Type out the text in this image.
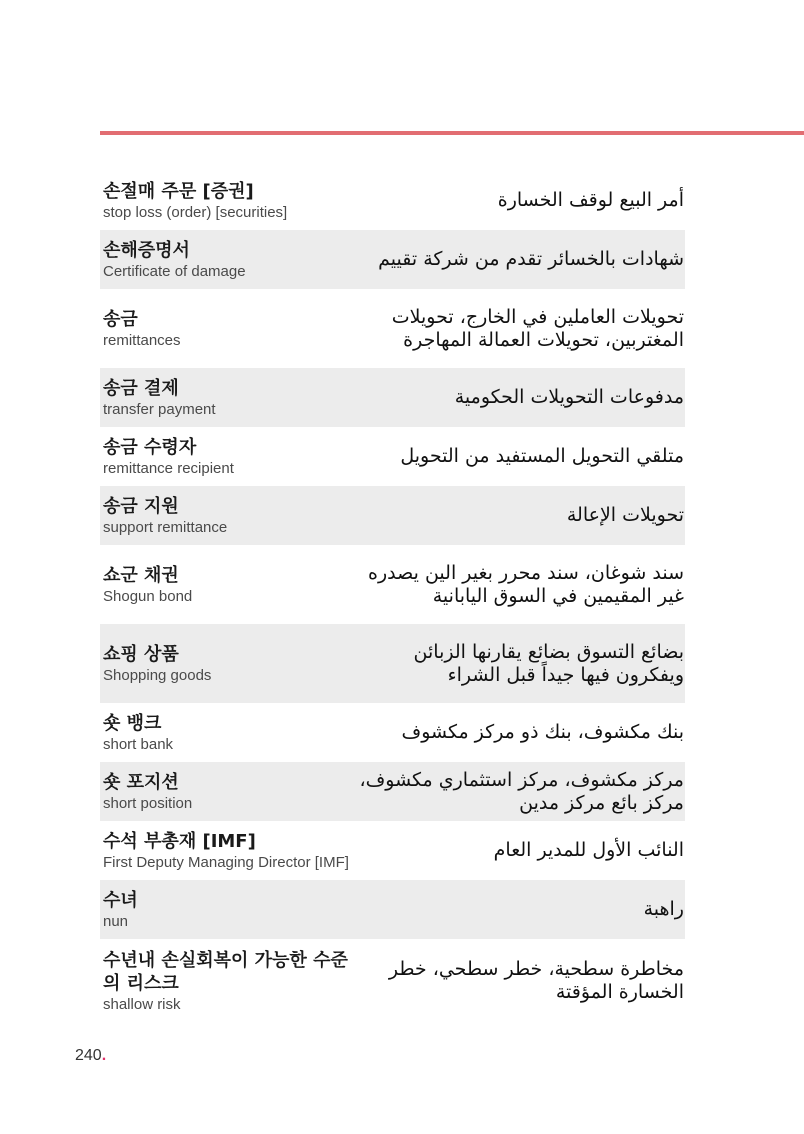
손절매 주문 [증권]
stop loss (order) [securities]
أمر البيع لوقف الخسارة
손해증명서
Certificate of damage
شهادات بالخسائر تقدم من شركة تقييم
송금
remittances
تحويلات العاملين في الخارج، تحويلات المغتربين، تحويلات العمالة المهاجرة
송금 결제
transfer payment
مدفوعات التحويلات الحكومية
송금 수령자
remittance recipient
متلقي التحويل المستفيد من التحويل
송금 지원
support remittance
تحويلات الإعالة
쇼군 채권
Shogun bond
سند شوغان، سند محرر بغير الين يصدره غير المقيمين في السوق اليابانية
쇼핑 상품
Shopping goods
بضائع التسوق بضائع يقارنها الزبائن ويفكرون فيها جيداً قبل الشراء
숏 뱅크
short bank
بنك مكشوف، بنك ذو مركز مكشوف
숏 포지션
short position
مركز مكشوف، مركز استثماري مكشوف، مركز بائع مركز مدين
수석 부총재 [IMF]
First Deputy Managing Director [IMF]
النائب الأول للمدير العام
수녀
nun
راهبة
수년내 손실회복이 가능한 수준의 리스크
shallow risk
مخاطرة سطحية، خطر سطحي، خطر الخسارة المؤقتة
240.
